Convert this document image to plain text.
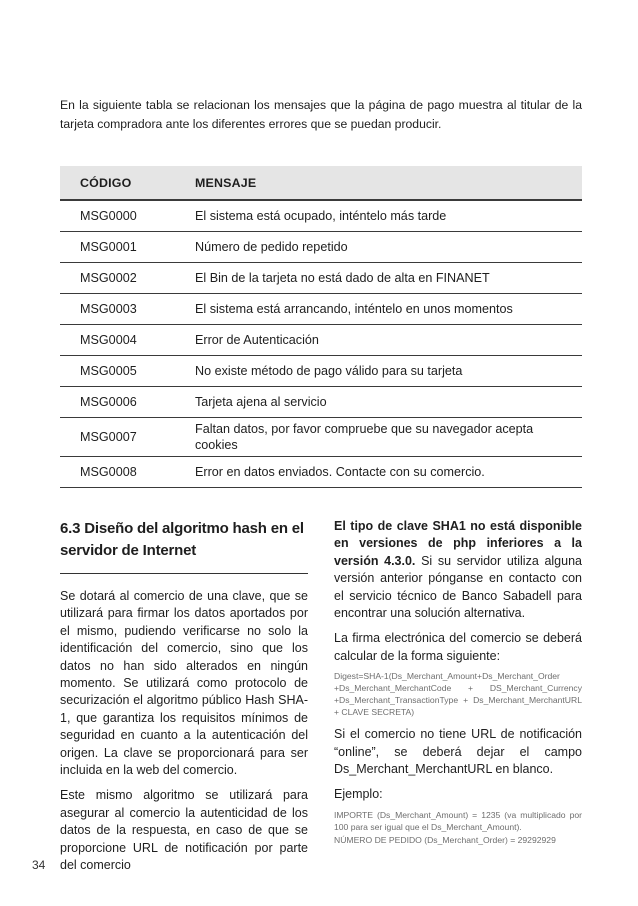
En la siguiente tabla se relacionan los mensajes que la página de pago muestra al titular de la tarjeta compradora ante los diferentes errores que se puedan producir.

CÓDIGO	MENSAJE
MSG0000	El sistema está ocupado, inténtelo más tarde
MSG0001	Número de pedido repetido
MSG0002	El Bin de la tarjeta no está dado de alta en FINANET
MSG0003	El sistema está arrancando, inténtelo en unos momentos
MSG0004	Error de Autenticación
MSG0005	No existe método de pago válido para su tarjeta
MSG0006	Tarjeta ajena al servicio
MSG0007	Faltan datos, por favor compruebe que su navegador acepta cookies
MSG0008	Error en datos enviados. Contacte con su comercio.
6.3 Diseño del algoritmo hash en el servidor de Internet

Se dotará al comercio de una clave, que se utilizará para firmar los datos aportados por el mismo, pudiendo verificarse no solo la identificación del comercio, sino que los datos no han sido alterados en ningún momento. Se utilizará como protocolo de securización el algoritmo público Hash SHA-1, que garantiza los requisitos mínimos de seguridad en cuanto a la autenticación del origen. La clave se proporcionará para ser incluida en la web del comercio.

Este mismo algoritmo se utilizará para asegurar al comercio la autenticidad de los datos de la respuesta, en caso de que se proporcione URL de notificación por parte del comercio

El tipo de clave SHA1 no está disponible en versiones de php inferiores a la versión 4.3.0. Si su servidor utiliza alguna versión anterior pónganse en contacto con el servicio técnico de Banco Sabadell para encontrar una solución alternativa.

La firma electrónica del comercio se deberá calcular de la forma siguiente:

Digest=SHA-1(Ds_Merchant_Amount+Ds_Merchant_Order +Ds_Merchant_MerchantCode + DS_Merchant_Currency +Ds_Merchant_TransactionType + Ds_Merchant_MerchantURL + CLAVE SECRETA)

Si el comercio no tiene URL de notificación “online”, se deberá dejar el campo Ds_Merchant_MerchantURL en blanco.

Ejemplo:

IMPORTE (Ds_Merchant_Amount) = 1235 (va multiplicado por 100 para ser igual que el Ds_Merchant_Amount).

NÚMERO DE PEDIDO (Ds_Merchant_Order) = 29292929

34
